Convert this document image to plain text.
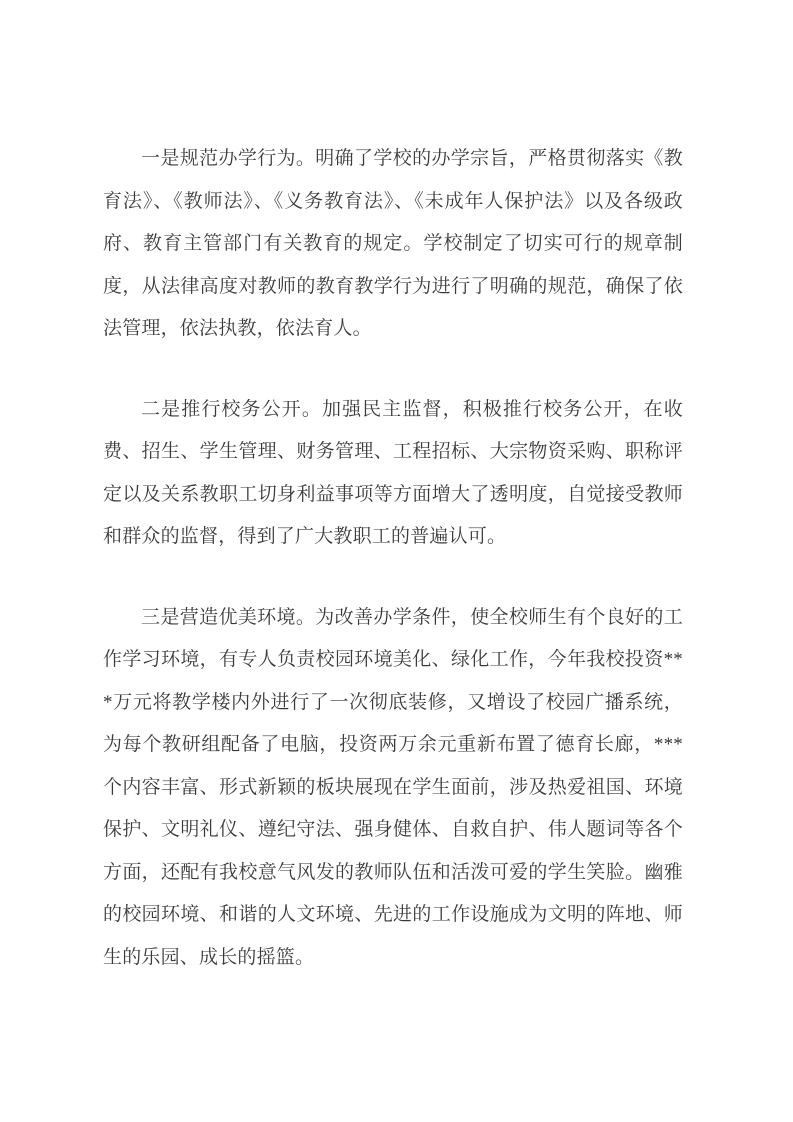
一是规范办学行为。明确了学校的办学宗旨，严格贯彻落实《教育法》、《教师法》、《义务教育法》、《未成年人保护法》以及各级政府、教育主管部门有关教育的规定。学校制定了切实可行的规章制度，从法律高度对教师的教育教学行为进行了明确的规范，确保了依法管理，依法执教，依法育人。

二是推行校务公开。加强民主监督，积极推行校务公开，在收费、招生、学生管理、财务管理、工程招标、大宗物资采购、职称评定以及关系教职工切身利益事项等方面增大了透明度，自觉接受教师和群众的监督，得到了广大教职工的普遍认可。

三是营造优美环境。为改善办学条件，使全校师生有个良好的工作学习环境，有专人负责校园环境美化、绿化工作，今年我校投资***万元将教学楼内外进行了一次彻底装修，又增设了校园广播系统，为每个教研组配备了电脑，投资两万余元重新布置了德育长廊，***个内容丰富、形式新颖的板块展现在学生面前，涉及热爱祖国、环境保护、文明礼仪、遵纪守法、强身健体、自救自护、伟人题词等各个方面，还配有我校意气风发的教师队伍和活泼可爱的学生笑脸。幽雅的校园环境、和谐的人文环境、先进的工作设施成为文明的阵地、师生的乐园、成长的摇篮。
